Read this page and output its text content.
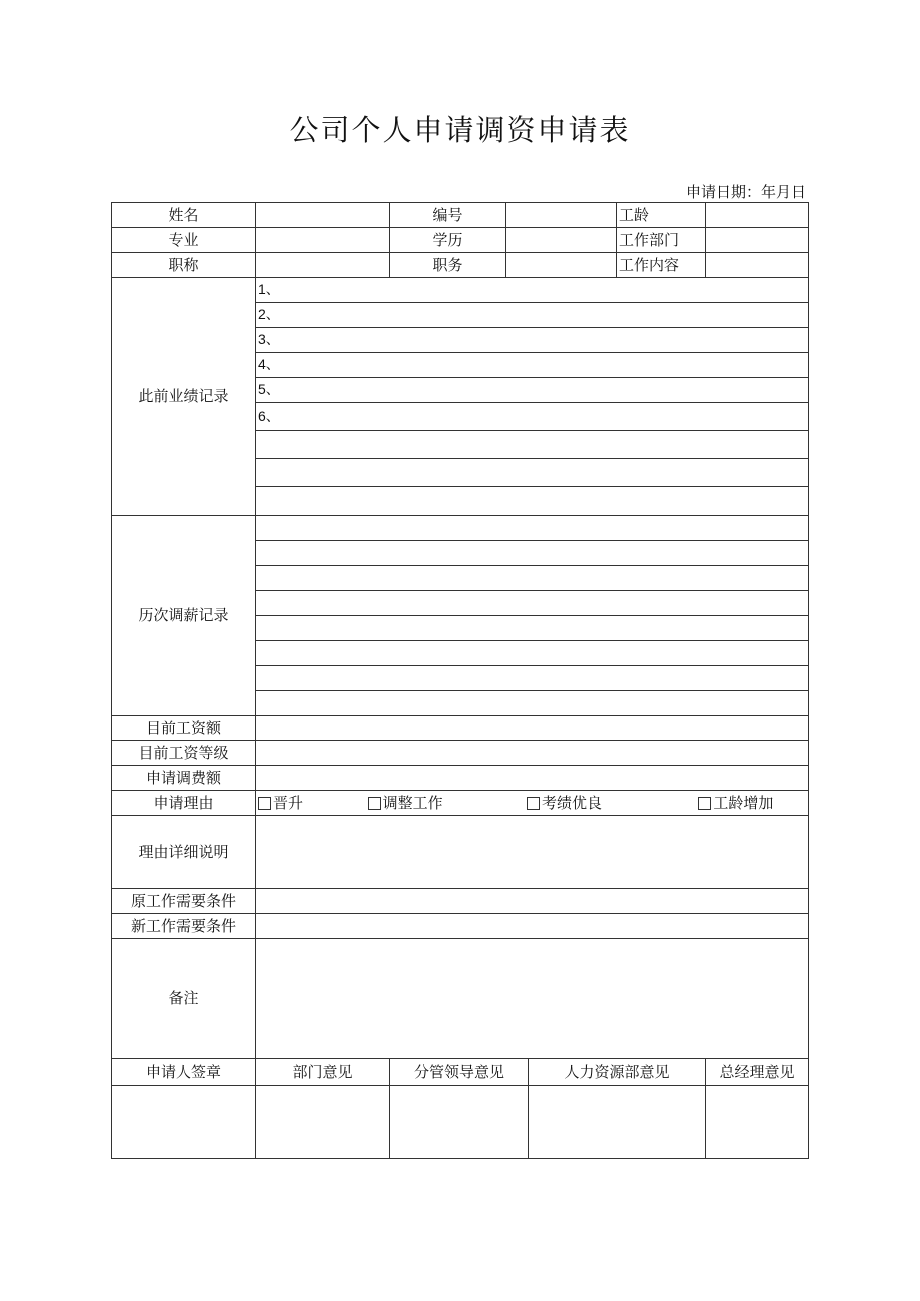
公司个人申请调资申请表
申请日期：年月日
姓名		编号			工龄	
专业		学历			工作部门	
职称		职务			工作内容	
此前业绩记录	1、					
	2、					
	3、					
	4、					
	5、					
	6、					

历次调薪记录						

目前工资额						
目前工资等级						
申请调费额						
申请理由	晋升 调整工作 考绩优良 工龄增加					

理由详细说明						
原工作需要条件						
新工作需要条件						
备注						
申请人签章	部门意见	分管领导意见		人力资源部意见		总经理意见
